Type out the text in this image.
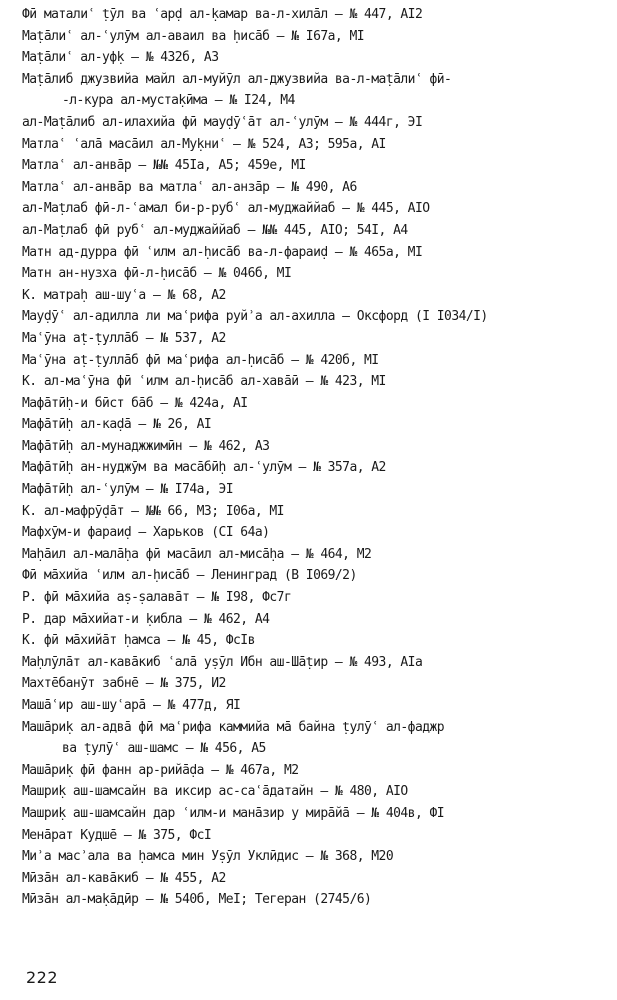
Фӣ маталиʿ ṭӯл ва ʿарḍ ал-ḳамар ва-л-хилāл – № 447, AI2
Маṭāлиʿ ал-ʿулӯм ал-аваил ва ḥисāб – № I67а, MI
Маṭāлиʿ ал-уфḳ – № 432б, A3
Маṭāлиб джузвийа майл ал-муйӯл ал-джузвийа ва-л-маṭāлиʿ фӣ-
-л-кура ал-мустаḳӣма – № I24, M4
ал-Маṭāлиб ал-илахийа фӣ мауḍӯʿāт ал-ʿулӯм – № 444г, ЭI
Матлаʿ ʿалā масāил ал-Муḳниʿ – № 524, A3; 595а, AI
Матлаʿ ал-анвāр – №№ 45Iа, A5; 459е, MI
Матлаʿ ал-анвāр ва матлаʿ ал-анзāр – № 490, A6
ал-Маṭлаб фӣ-л-ʿамал би-р-рубʿ ал-муджаййаб – № 445, AIO
ал-Маṭлаб фӣ рубʿ ал-муджаййаб – №№ 445, AIO; 54I, A4
Матн ад-дурра фӣ ʿилм ал-ḥисāб ва-л-фараиḍ – № 465а, MI
Матн ан-нузха фӣ-л-ḥисāб – № 046б, MI
К. матраḥ аш-шуʿа – № 68, A2
Мауḍӯʿ ал-адилла ли маʿрифа руйʾа ал-ахилла – Оксфорд (I I034/I)
Маʿӯна аṭ-ṭуллāб – № 537, A2
Маʿӯна аṭ-ṭуллāб фӣ маʿрифа ал-ḥисāб – № 420б, MI
К. ал-маʿӯна фӣ ʿилм ал-ḥисāб ал-хавāӣ – № 423, MI
Мафāтӣḥ-и бӣст бāб – № 424а, AI
Мафāтӣḥ ал-каḍā – № 26, AI
Мафāтӣḥ ал-мунаджжимӣн – № 462, A3
Мафāтӣḥ ан-нуджӯм ва масāбӣḥ ал-ʿулӯм – № 357а, A2
Мафāтӣḥ ал-ʿулӯм – № I74а, ЭI
К. ал-мафрӯḍāт – №№ 66, M3; I06а, MI
Мафхӯм-и фараиḍ – Харьков (CI 64а)
Маḥāил ал-малāḥа фӣ масāил ал-мисāḥа – № 464, M2
Фӣ мāхийа ʿилм ал-ḥисāб – Ленинград (B I069/2)
Р. фӣ мāхийа аṣ-ṣалавāт – № I98, Фс7г
Р. дар мāхийат-и ḳибла – № 462, A4
К. фӣ мāхийāт ḥамса – № 45, ФсIв
Маḥлӯлāт ал-кавāкиб ʿалā уṣӯл Ибн аш-Шāṭир – № 493, AIа
Махтēбанӯт забнē – № 375, И2
Машāʿир аш-шуʿарā – № 477д, ЯI
Машāриḳ ал-адвā фӣ маʿрифа каммийа мā байна ṭулӯʿ ал-фаджр
ва ṭулӯʿ аш-шамс – № 456, A5
Машāриḳ фӣ фанн ар-рийāḍа – № 467а, M2
Машриḳ аш-шамсайн ва иксир ас-саʿāдатайн – № 480, AIO
Машриḳ аш-шамсайн дар ʿилм-и манāзир у мирāйā – № 404в, ФI
Менāрат Кудшē – № 375, ФсI
Миʾа масʾала ва ḥамса мин Уṣӯл Уклӣдис – № 368, M20
Мӣзāн ал-кавāкиб – № 455, A2
Мӣзāн ал-маḳāдӣр – № 540б, MeI; Тегеран (2745/6)
222
